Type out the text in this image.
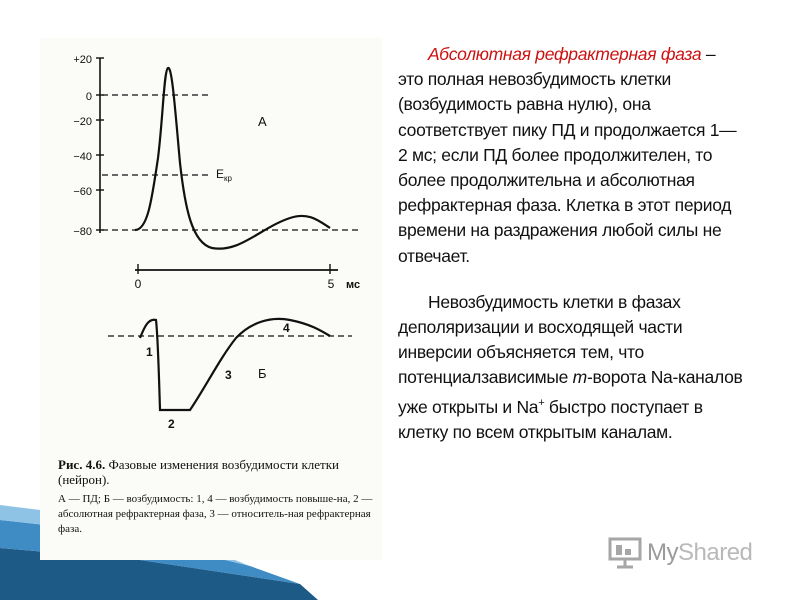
+20
0
−20
−40
−60
−80
А
$E_{кр}$
0	5 мс
1
2
3
4
Б
Рис. 4.6. Фазовые изменения возбудимости клетки (нейрон).
А — ПД; Б — возбудимость: 1, 4 — возбудимость повыше-на, 2 — абсолютная рефрактерная фаза, 3 — относитель-ная рефрактерная фаза.
Абсолютная рефрактерная фаза – это полная невозбудимость клетки (возбудимость равна нулю), она соответствует пику ПД и продолжается 1—2 мс; если ПД более продолжителен, то более продолжительна и абсолютная рефрактерная фаза. Клетка в этот период времени на раздражения любой силы не отвечает.
Невозбудимость клетки в фазах деполяризации и восходящей части инверсии объясняется тем, что потенциалзависимые m-ворота Na-каналов уже открыты и Na+ быстро поступает в клетку по всем открытым каналам.
MyShared
